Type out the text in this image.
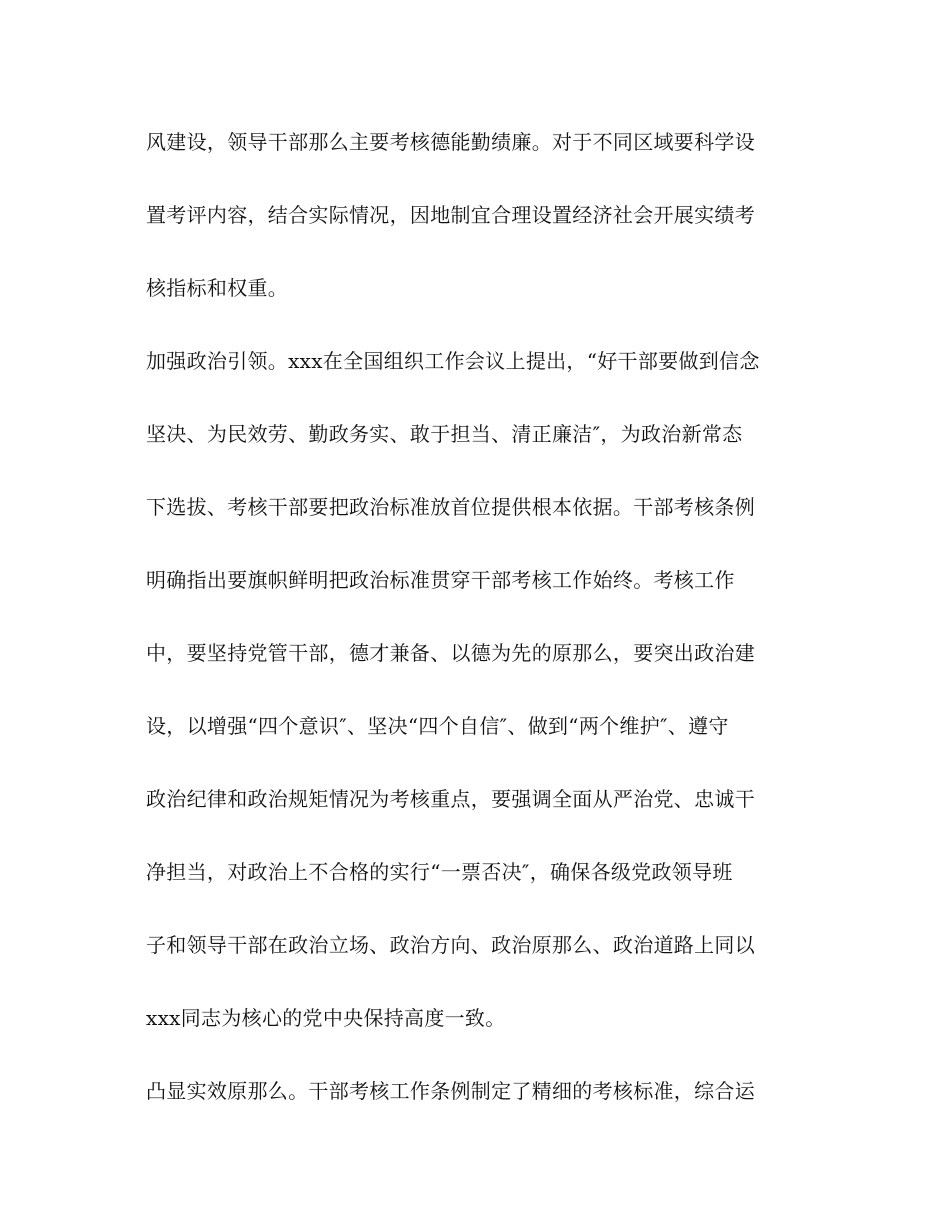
风建设，领导干部那么主要考核德能勤绩廉。对于不同区域要科学设
置考评内容，结合实际情况，因地制宜合理设置经济社会开展实绩考
核指标和权重。
加强政治引领。xxx在全国组织工作会议上提出，“好干部要做到信念
坚决、为民效劳、勤政务实、敢于担当、清正廉洁″，为政治新常态
下选拔、考核干部要把政治标准放首位提供根本依据。干部考核条例
明确指出要旗帜鲜明把政治标准贯穿干部考核工作始终。考核工作
中，要坚持党管干部，德才兼备、以德为先的原那么，要突出政治建
设，以增强“四个意识″、坚决“四个自信″、做到“两个维护″、遵守
政治纪律和政治规矩情况为考核重点，要强调全面从严治党、忠诚干
净担当，对政治上不合格的实行“一票否决″，确保各级党政领导班
子和领导干部在政治立场、政治方向、政治原那么、政治道路上同以
xxx同志为核心的党中央保持高度一致。
凸显实效原那么。干部考核工作条例制定了精细的考核标准，综合运
